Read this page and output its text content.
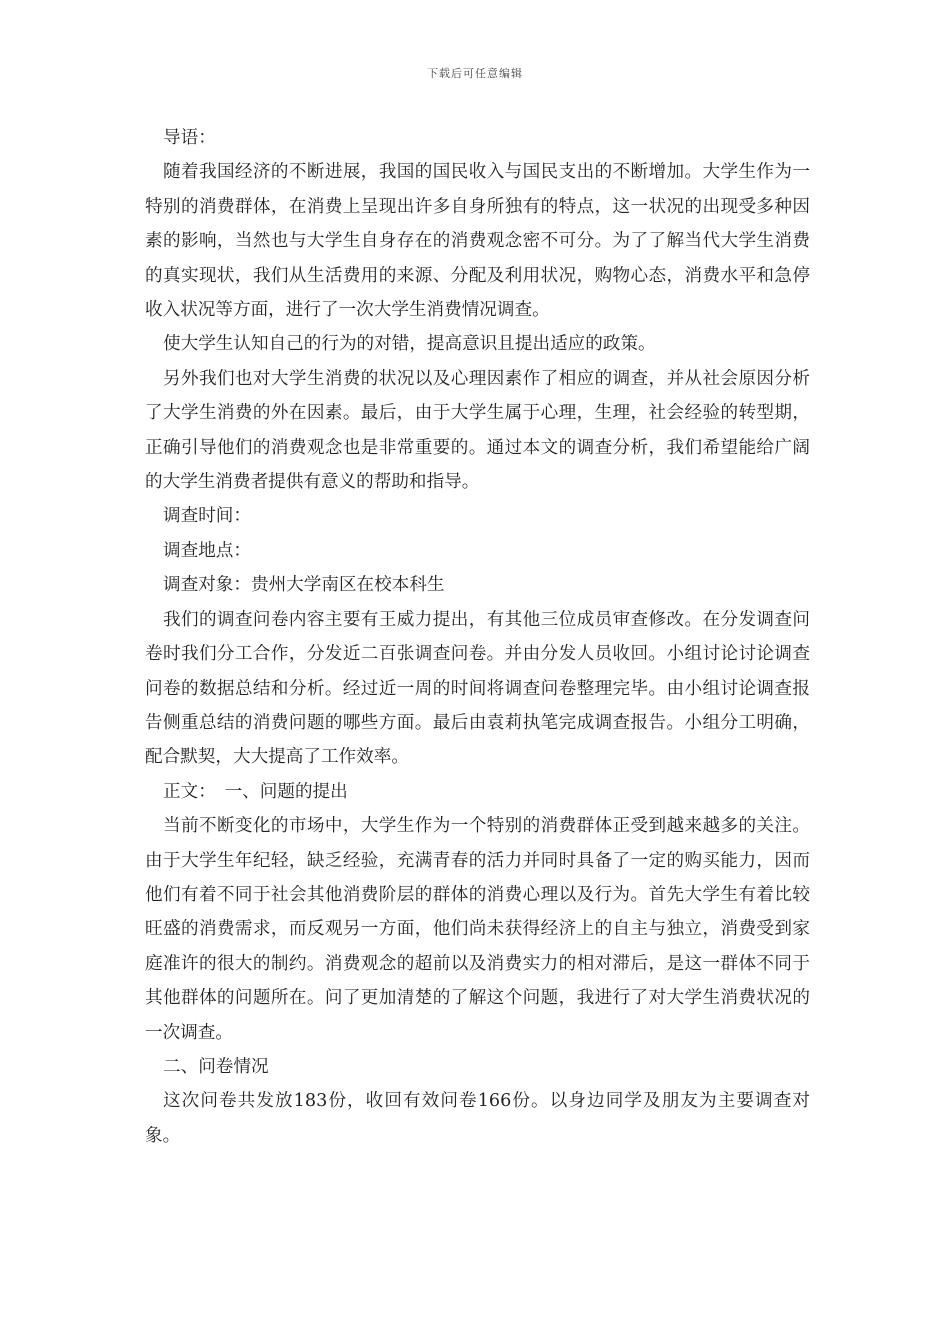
下载后可任意编辑

导语：

随着我国经济的不断进展，我国的国民收入与国民支出的不断增加。大学生作为一特别的消费群体，在消费上呈现出许多自身所独有的特点，这一状况的出现受多种因素的影响，当然也与大学生自身存在的消费观念密不可分。为了了解当代大学生消费的真实现状，我们从生活费用的来源、分配及利用状况，购物心态，消费水平和急停收入状况等方面，进行了一次大学生消费情况调查。

使大学生认知自己的行为的对错，提高意识且提出适应的政策。

另外我们也对大学生消费的状况以及心理因素作了相应的调查，并从社会原因分析了大学生消费的外在因素。最后，由于大学生属于心理，生理，社会经验的转型期，正确引导他们的消费观念也是非常重要的。通过本文的调查分析，我们希望能给广阔的大学生消费者提供有意义的帮助和指导。

调查时间：

调查地点：

调查对象：贵州大学南区在校本科生

我们的调查问卷内容主要有王威力提出，有其他三位成员审查修改。在分发调查问卷时我们分工合作，分发近二百张调查问卷。并由分发人员收回。小组讨论讨论调查问卷的数据总结和分析。经过近一周的时间将调查问卷整理完毕。由小组讨论调查报告侧重总结的消费问题的哪些方面。最后由袁莉执笔完成调查报告。小组分工明确，配合默契，大大提高了工作效率。

正文：　一、问题的提出

当前不断变化的市场中，大学生作为一个特别的消费群体正受到越来越多的关注。由于大学生年纪轻，缺乏经验，充满青春的活力并同时具备了一定的购买能力，因而他们有着不同于社会其他消费阶层的群体的消费心理以及行为。首先大学生有着比较旺盛的消费需求，而反观另一方面，他们尚未获得经济上的自主与独立，消费受到家庭准许的很大的制约。消费观念的超前以及消费实力的相对滞后，是这一群体不同于其他群体的问题所在。问了更加清楚的了解这个问题，我进行了对大学生消费状况的一次调查。

二、问卷情况

这次问卷共发放183份，收回有效问卷166份。以身边同学及朋友为主要调查对象。
